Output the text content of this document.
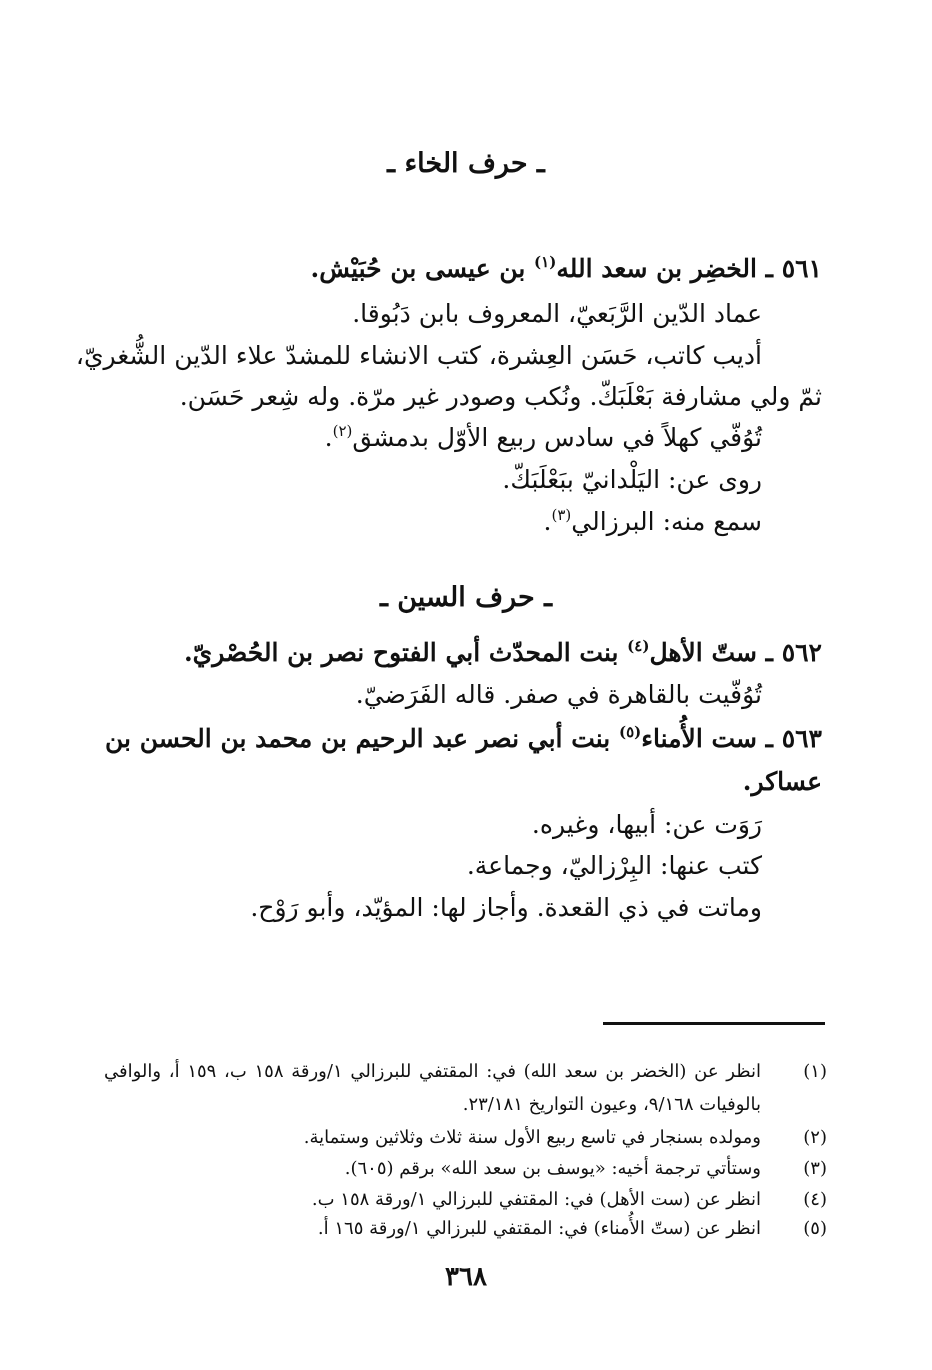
ـ حرف الخاء ـ
٥٦١ ـ الخضِر بن سعد الله$^{(١)}$ بن عيسى بن حُبَيْش.
عماد الدّين الرَّبَعيّ، المعروف بابن دَبُوقا.
أديب كاتب، حَسَن العِشرة، كتب الانشاء للمشدّ علاء الدّين الشُّغريّ،
ثمّ ولي مشارفة بَعْلَبَكّ. ونُكب وصودر غير مرّة. وله شِعر حَسَن.
تُوُفّي كهلاً في سادس ربيع الأوّل بدمشق$^{(٢)}$.
روى عن: اليَلْدانيّ ببَعْلَبَكّ.
سمع منه: البرزالي$^{(٣)}$.
ـ حرف السين ـ
٥٦٢ ـ ستّ الأهل$^{(٤)}$ بنت المحدّث أبي الفتوح نصر بن الحُصْريّ.
تُوُفّيت بالقاهرة في صفر. قاله الفَرَضيّ.
٥٦٣ ـ ست الأُمناء$^{(٥)}$ بنت أبي نصر عبد الرحيم بن محمد بن الحسن بن
عساكر.
رَوَت عن: أبيها، وغيره.
كتب عنها: البِرْزاليّ، وجماعة.
وماتت في ذي القعدة. وأجاز لها: المؤيّد، وأبو رَوْح.
(١)
انظر عن (الخضر بن سعد الله) في: المقتفي للبرزالي ١/ورقة ١٥٨ ب، ١٥٩ أ، والوافي
بالوفيات ٩/١٦٨، وعيون التواريخ ٢٣/١٨١.
(٢)
ومولده بسنجار في تاسع ربيع الأول سنة ثلاث وثلاثين وستماية.
(٣)
وستأتي ترجمة أخيه: «يوسف بن سعد الله» برقم (٦٠٥).
(٤)
انظر عن (ست الأهل) في: المقتفي للبرزالي ١/ورقة ١٥٨ ب.
(٥)
انظر عن (ستّ الأُمناء) في: المقتفي للبرزالي ١/ورقة ١٦٥ أ.
٣٦٨
